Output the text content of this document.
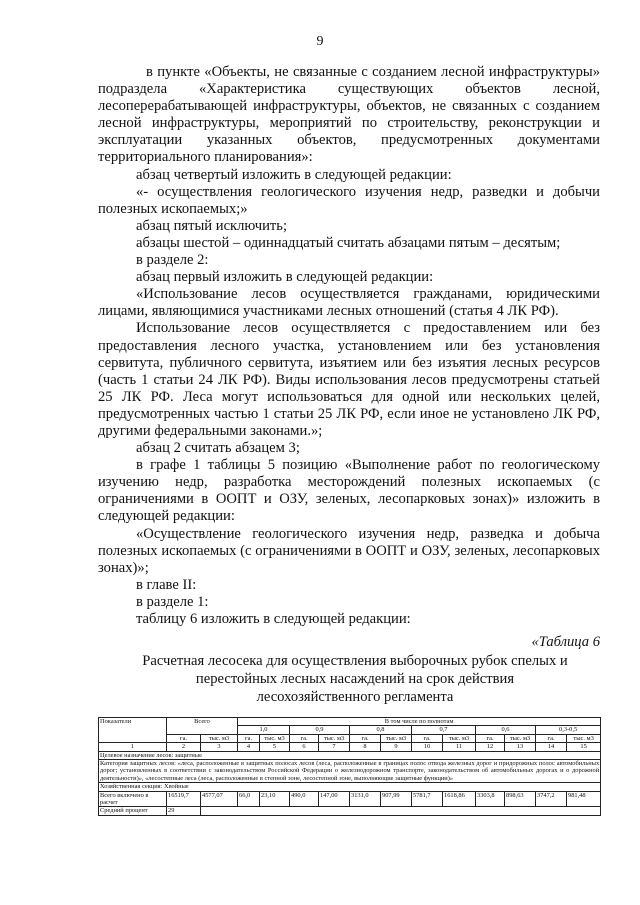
9

в пункте «Объекты, не связанные с созданием лесной инфраструктуры» подраздела «Характеристика существующих объектов лесной, лесоперерабатывающей инфраструктуры, объектов, не связанных с созданием лесной инфраструктуры, мероприятий по строительству, реконструкции и эксплуатации указанных объектов, предусмотренных документами территориального планирования»:

абзац четвертый изложить в следующей редакции:

«- осуществления геологического изучения недр, разведки и добычи полезных ископаемых;»

абзац пятый исключить;

абзацы шестой – одиннадцатый считать абзацами пятым – десятым;

в разделе 2:

абзац первый изложить в следующей редакции:

«Использование лесов осуществляется гражданами, юридическими лицами, являющимися участниками лесных отношений (статья 4 ЛК РФ).

Использование лесов осуществляется с предоставлением или без предоставления лесного участка, установлением или без установления сервитута, публичного сервитута, изъятием или без изъятия лесных ресурсов (часть 1 статьи 24 ЛК РФ). Виды использования лесов предусмотрены статьей 25 ЛК РФ. Леса могут использоваться для одной или нескольких целей, предусмотренных частью 1 статьи 25 ЛК РФ, если иное не установлено ЛК РФ, другими федеральными законами.»;

абзац 2 считать абзацем 3;

в графе 1 таблицы 5 позицию «Выполнение работ по геологическому изучению недр, разработка месторождений полезных ископаемых (с ограничениями в ООПТ и ОЗУ, зеленых, лесопарковых зонах)» изложить в следующей редакции:

«Осуществление геологического изучения недр, разведка и добыча полезных ископаемых (с ограничениями в ООПТ и ОЗУ, зеленых, лесопарковых зонах)»;

в главе II:

в разделе 1:

таблицу 6 изложить в следующей редакции:

«Таблица 6
Расчетная лесосека для осуществления выборочных рубок спелых и перестойных лесных насаждений на срок действия лесохозяйственного регламента
Показатели	Всего		В том числе по полнотам											
			1,0		0,9		0,8		0,7		0,6		0,3-0,5	
	га.	тыс. м3	га.	тыс. м3	га.	тыс. м3	га.	тыс. м3	га.	тыс. м3	га.	тыс. м3	га.	тыс. м3
1	2	3	4	5	6	7	8	9	10	11	12	13	14	15
Целевое назначение лесов: защитные														
Категория защитных лесов: «леса, расположенные в защитных полосах лесов (леса, расположенные в границах полос отвода железных дорог и придорожных полос автомобильных дорог; установленных в соответствии с законодательством Российской Федерации о железнодорожном транспорте, законодательством об автомобильных дорогах и о дорожной деятельности)», «лесостепные леса (леса, расположенные в степной зоне, лесостепной зоне, выполняющие защитные функции)»														
Хозяйственная секция: Хвойные														
Всего включено в расчет	16519,7	4577,07	66,0	23,10	490,0	147,00	3131,0	907,99	5781,7	1618,86	3303,8	898,63	3747,2	981,48
Средний процент	29													
